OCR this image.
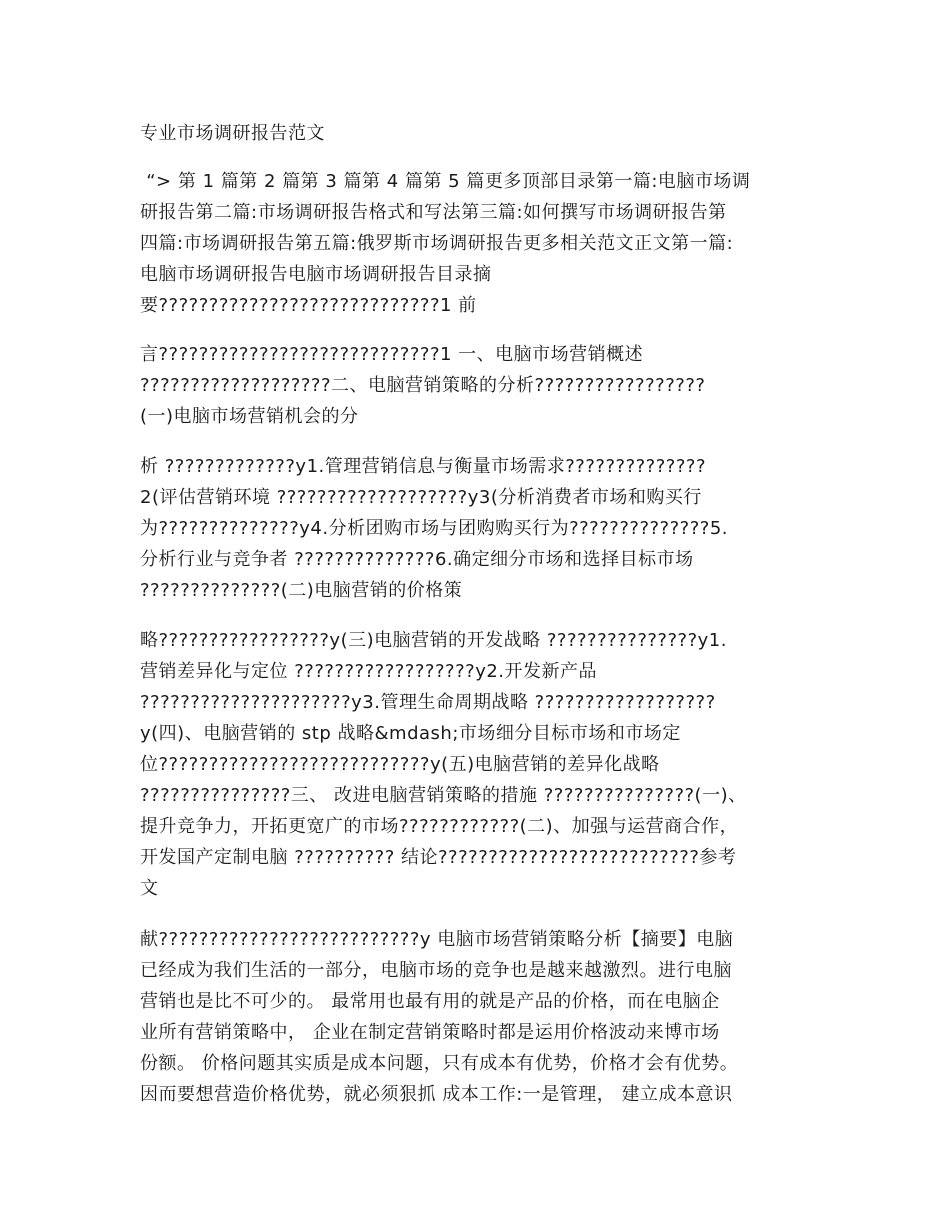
专业市场调研报告范文

“> 第 1 篇第 2 篇第 3 篇第 4 篇第 5 篇更多顶部目录第一篇:电脑市场调
研报告第二篇:市场调研报告格式和写法第三篇:如何撰写市场调研报告第
四篇:市场调研报告第五篇:俄罗斯市场调研报告更多相关范文正文第一篇:
电脑市场调研报告电脑市场调研报告目录摘
要????????????????????????????1 前

言????????????????????????????1 一、电脑市场营销概述
???????????????????二、电脑营销策略的分析?????????????????
(一)电脑市场营销机会的分

析 ?????????????y1.管理营销信息与衡量市场需求??????????????
2(评估营销环境 ???????????????????y3(分析消费者市场和购买行
为??????????????y4.分析团购市场与团购购买行为??????????????5.
分析行业与竞争者 ??????????????6.确定细分市场和选择目标市场
??????????????(二)电脑营销的价格策

略?????????????????y(三)电脑营销的开发战略 ???????????????y1.
营销差异化与定位 ??????????????????y2.开发新产品
?????????????????????y3.管理生命周期战略 ??????????????????
y(四)、电脑营销的 stp 战略&mdash;市场细分目标市场和市场定
位???????????????????????????y(五)电脑营销的差异化战略
???????????????三、 改进电脑营销策略的措施 ???????????????(一)、
提升竞争力，开拓更宽广的市场????????????(二)、加强与运营商合作，
开发国产定制电脑 ?????????? 结论??????????????????????????参考
文

献??????????????????????????y 电脑市场营销策略分析【摘要】电脑
已经成为我们生活的一部分，电脑市场的竞争也是越来越激烈。进行电脑
营销也是比不可少的。 最常用也最有用的就是产品的价格，而在电脑企
业所有营销策略中， 企业在制定营销策略时都是运用价格波动来博市场
份额。 价格问题其实质是成本问题，只有成本有优势，价格才会有优势。
因而要想营造价格优势，就必须狠抓 成本工作:一是管理， 建立成本意识
